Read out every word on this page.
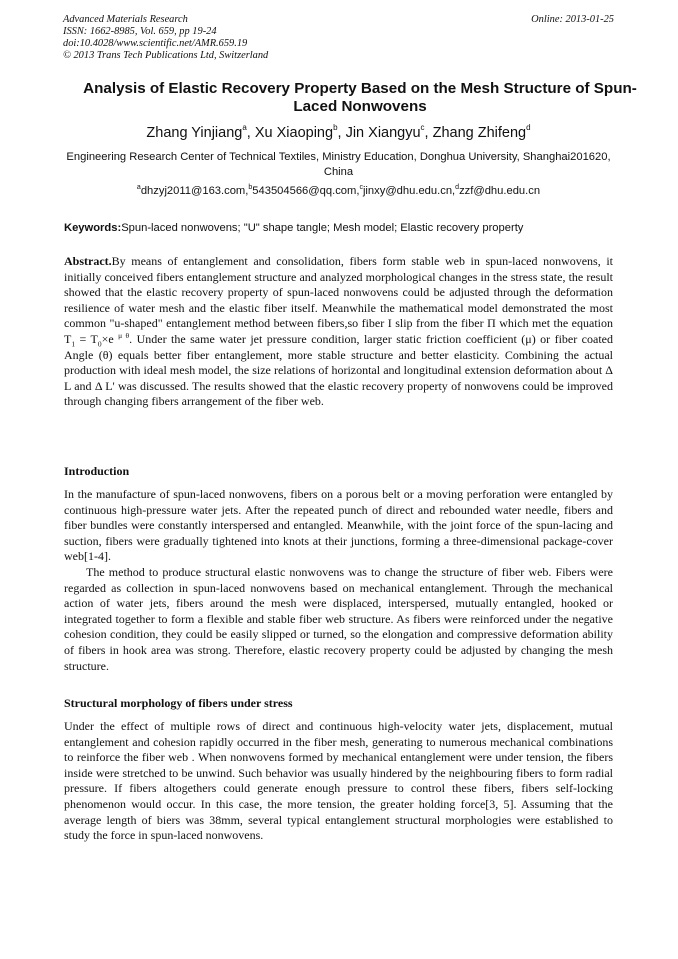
Advanced Materials Research
ISSN: 1662-8985, Vol. 659, pp 19-24
doi:10.4028/www.scientific.net/AMR.659.19
© 2013 Trans Tech Publications Ltd, Switzerland
Online: 2013-01-25
Analysis of Elastic Recovery Property Based on the Mesh Structure of Spun-Laced Nonwovens
Zhang Yinjiang$^a$, Xu Xiaoping$^b$, Jin Xiangyu$^c$, Zhang Zhifeng$^d$
Engineering Research Center of Technical Textiles, Ministry Education, Donghua University, Shanghai201620, China
$^a$dhzyj2011@163.com,$^b$543504566@qq.com,$^c$jinxy@dhu.edu.cn,$^d$zzf@dhu.edu.cn
Keywords:Spun-laced nonwovens; "U" shape tangle; Mesh model; Elastic recovery property
Abstract.By means of entanglement and consolidation, fibers form stable web in spun-laced nonwovens, it initially conceived fibers entanglement structure and analyzed morphological changes in the stress state, the result showed that the elastic recovery property of spun-laced nonwovens could be adjusted through the deformation resilience of water mesh and the elastic fiber itself. Meanwhile the mathematical model demonstrated the most common "u-shaped" entanglement method between fibers,so fiber I slip from the fiber Π which met the equation $T_1 = T_0\times e$ $^{\mu \theta}$. Under the same water jet pressure condition, larger static friction coefficient (μ) or fiber coated Angle (θ) equals better fiber entanglement, more stable structure and better elasticity. Combining the actual production with ideal mesh model, the size relations of horizontal and longitudinal extension deformation about Δ L and Δ L' was discussed. The results showed that the elastic recovery property of nonwovens could be improved through changing fibers arrangement of the fiber web.
Introduction

In the manufacture of spun-laced nonwovens, fibers on a porous belt or a moving perforation were entangled by continuous high-pressure water jets. After the repeated punch of direct and rebounded water needle, fibers and fiber bundles were constantly interspersed and entangled. Meanwhile, with the joint force of the spun-lacing and suction, fibers were gradually tightened into knots at their junctions, forming a three-dimensional package-cover web[1-4].

The method to produce structural elastic nonwovens was to change the structure of fiber web. Fibers were regarded as collection in spun-laced nonwovens based on mechanical entanglement. Through the mechanical action of water jets, fibers around the mesh were displaced, interspersed, mutually entangled, hooked or integrated together to form a flexible and stable fiber web structure. As fibers were reinforced under the negative cohesion condition, they could be easily slipped or turned, so the elongation and compressive deformation ability of fibers in hook area was strong. Therefore, elastic recovery property could be adjusted by changing the mesh structure.

Structural morphology of fibers under stress

Under the effect of multiple rows of direct and continuous high-velocity water jets, displacement, mutual entanglement and cohesion rapidly occurred in the fiber mesh, generating to numerous mechanical combinations to reinforce the fiber web . When nonwovens formed by mechanical entanglement were under tension, the fibers inside were stretched to be unwind. Such behavior was usually hindered by the neighbouring fibers to form radial pressure. If fibers altogethers could generate enough pressure to control these fibers, fibers self-locking phenomenon would occur. In this case, the more tension, the greater holding force[3, 5]. Assuming that the average length of biers was 38mm, several typical entanglement structural morphologies were established to study the force in spun-laced nonwovens.
